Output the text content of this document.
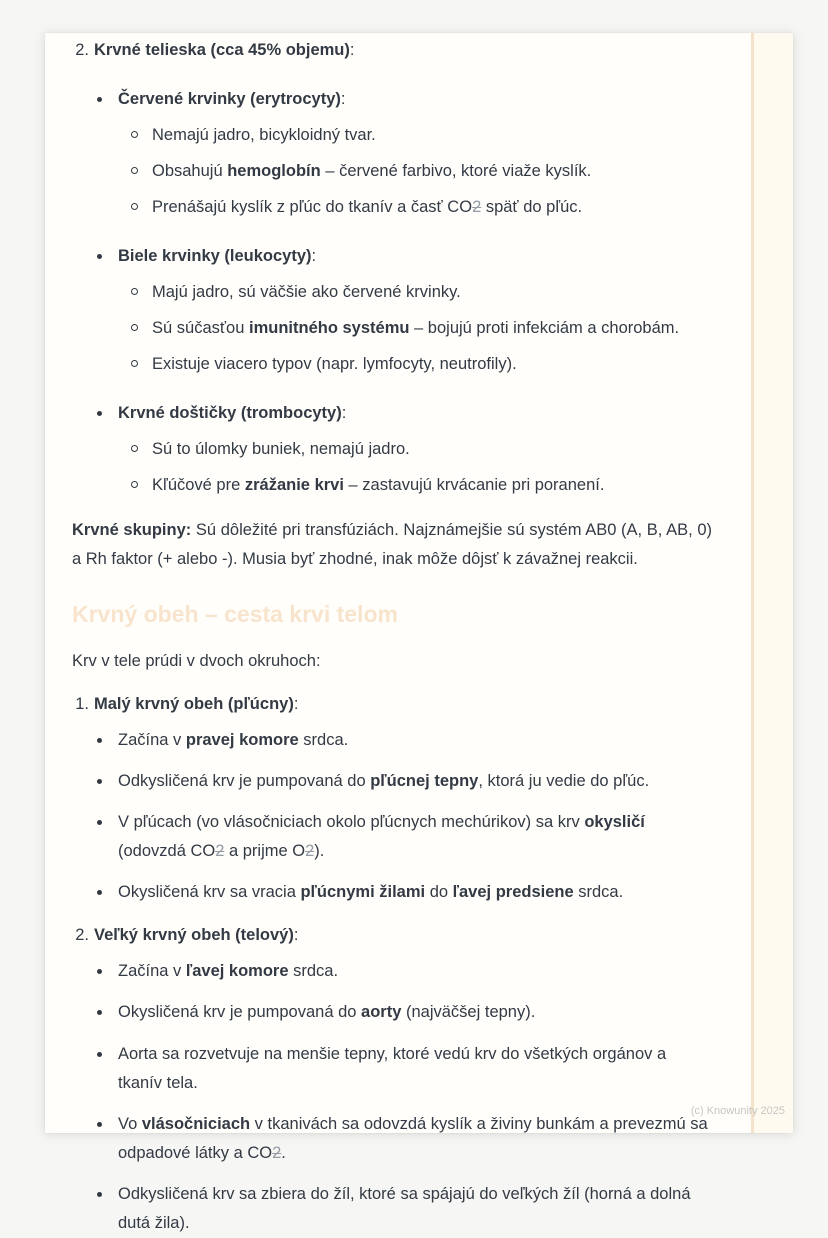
2. Krvné telieska (cca 45% objemu):
Červené krvinky (erytrocyty):
Nemajú jadro, bicykloidný tvar.
Obsahujú hemoglobín – červené farbivo, ktoré viaže kyslík.
Prenášajú kyslík z pľúc do tkanív a časť CO2 späť do pľúc.
Biele krvinky (leukocyty):
Majú jadro, sú väčšie ako červené krvinky.
Sú súčasťou imunitného systému – bojujú proti infekciám a chorobám.
Existuje viacero typov (napr. lymfocyty, neutrofily).
Krvné doštičky (trombocyty):
Sú to úlomky buniek, nemajú jadro.
Kľúčové pre zrážanie krvi – zastavujú krvácanie pri poranení.

Krvné skupiny: Sú dôležité pri transfúziách. Najznámejšie sú systém AB0 (A, B, AB, 0) a Rh faktor (+ alebo -). Musia byť zhodné, inak môže dôjsť k závažnej reakcii.

Krvný obeh – cesta krvi telom

Krv v tele prúdi v dvoch okruhoch:

1. Malý krvný obeh (pľúcny):
Začína v pravej komore srdca.
Odkysličená krv je pumpovaná do pľúcnej tepny, ktorá ju vedie do pľúc.
V pľúcach (vo vlásočniciach okolo pľúcnych mechúrikov) sa krv okysličí (odovzdá CO2 a prijme O2).
Okysličená krv sa vracia pľúcnymi žilami do ľavej predsiene srdca.
2. Veľký krvný obeh (telový):
Začína v ľavej komore srdca.
Okysličená krv je pumpovaná do aorty (najväčšej tepny).
Aorta sa rozvetvuje na menšie tepny, ktoré vedú krv do všetkých orgánov a tkanív tela.
Vo vlásočniciach v tkanivách sa odovzdá kyslík a živiny bunkám a prevezmú sa odpadové látky a CO2.
Odkysličená krv sa zbiera do žíl, ktoré sa spájajú do veľkých žíl (horná a dolná dutá žila).
(c) Knowunity 2025
